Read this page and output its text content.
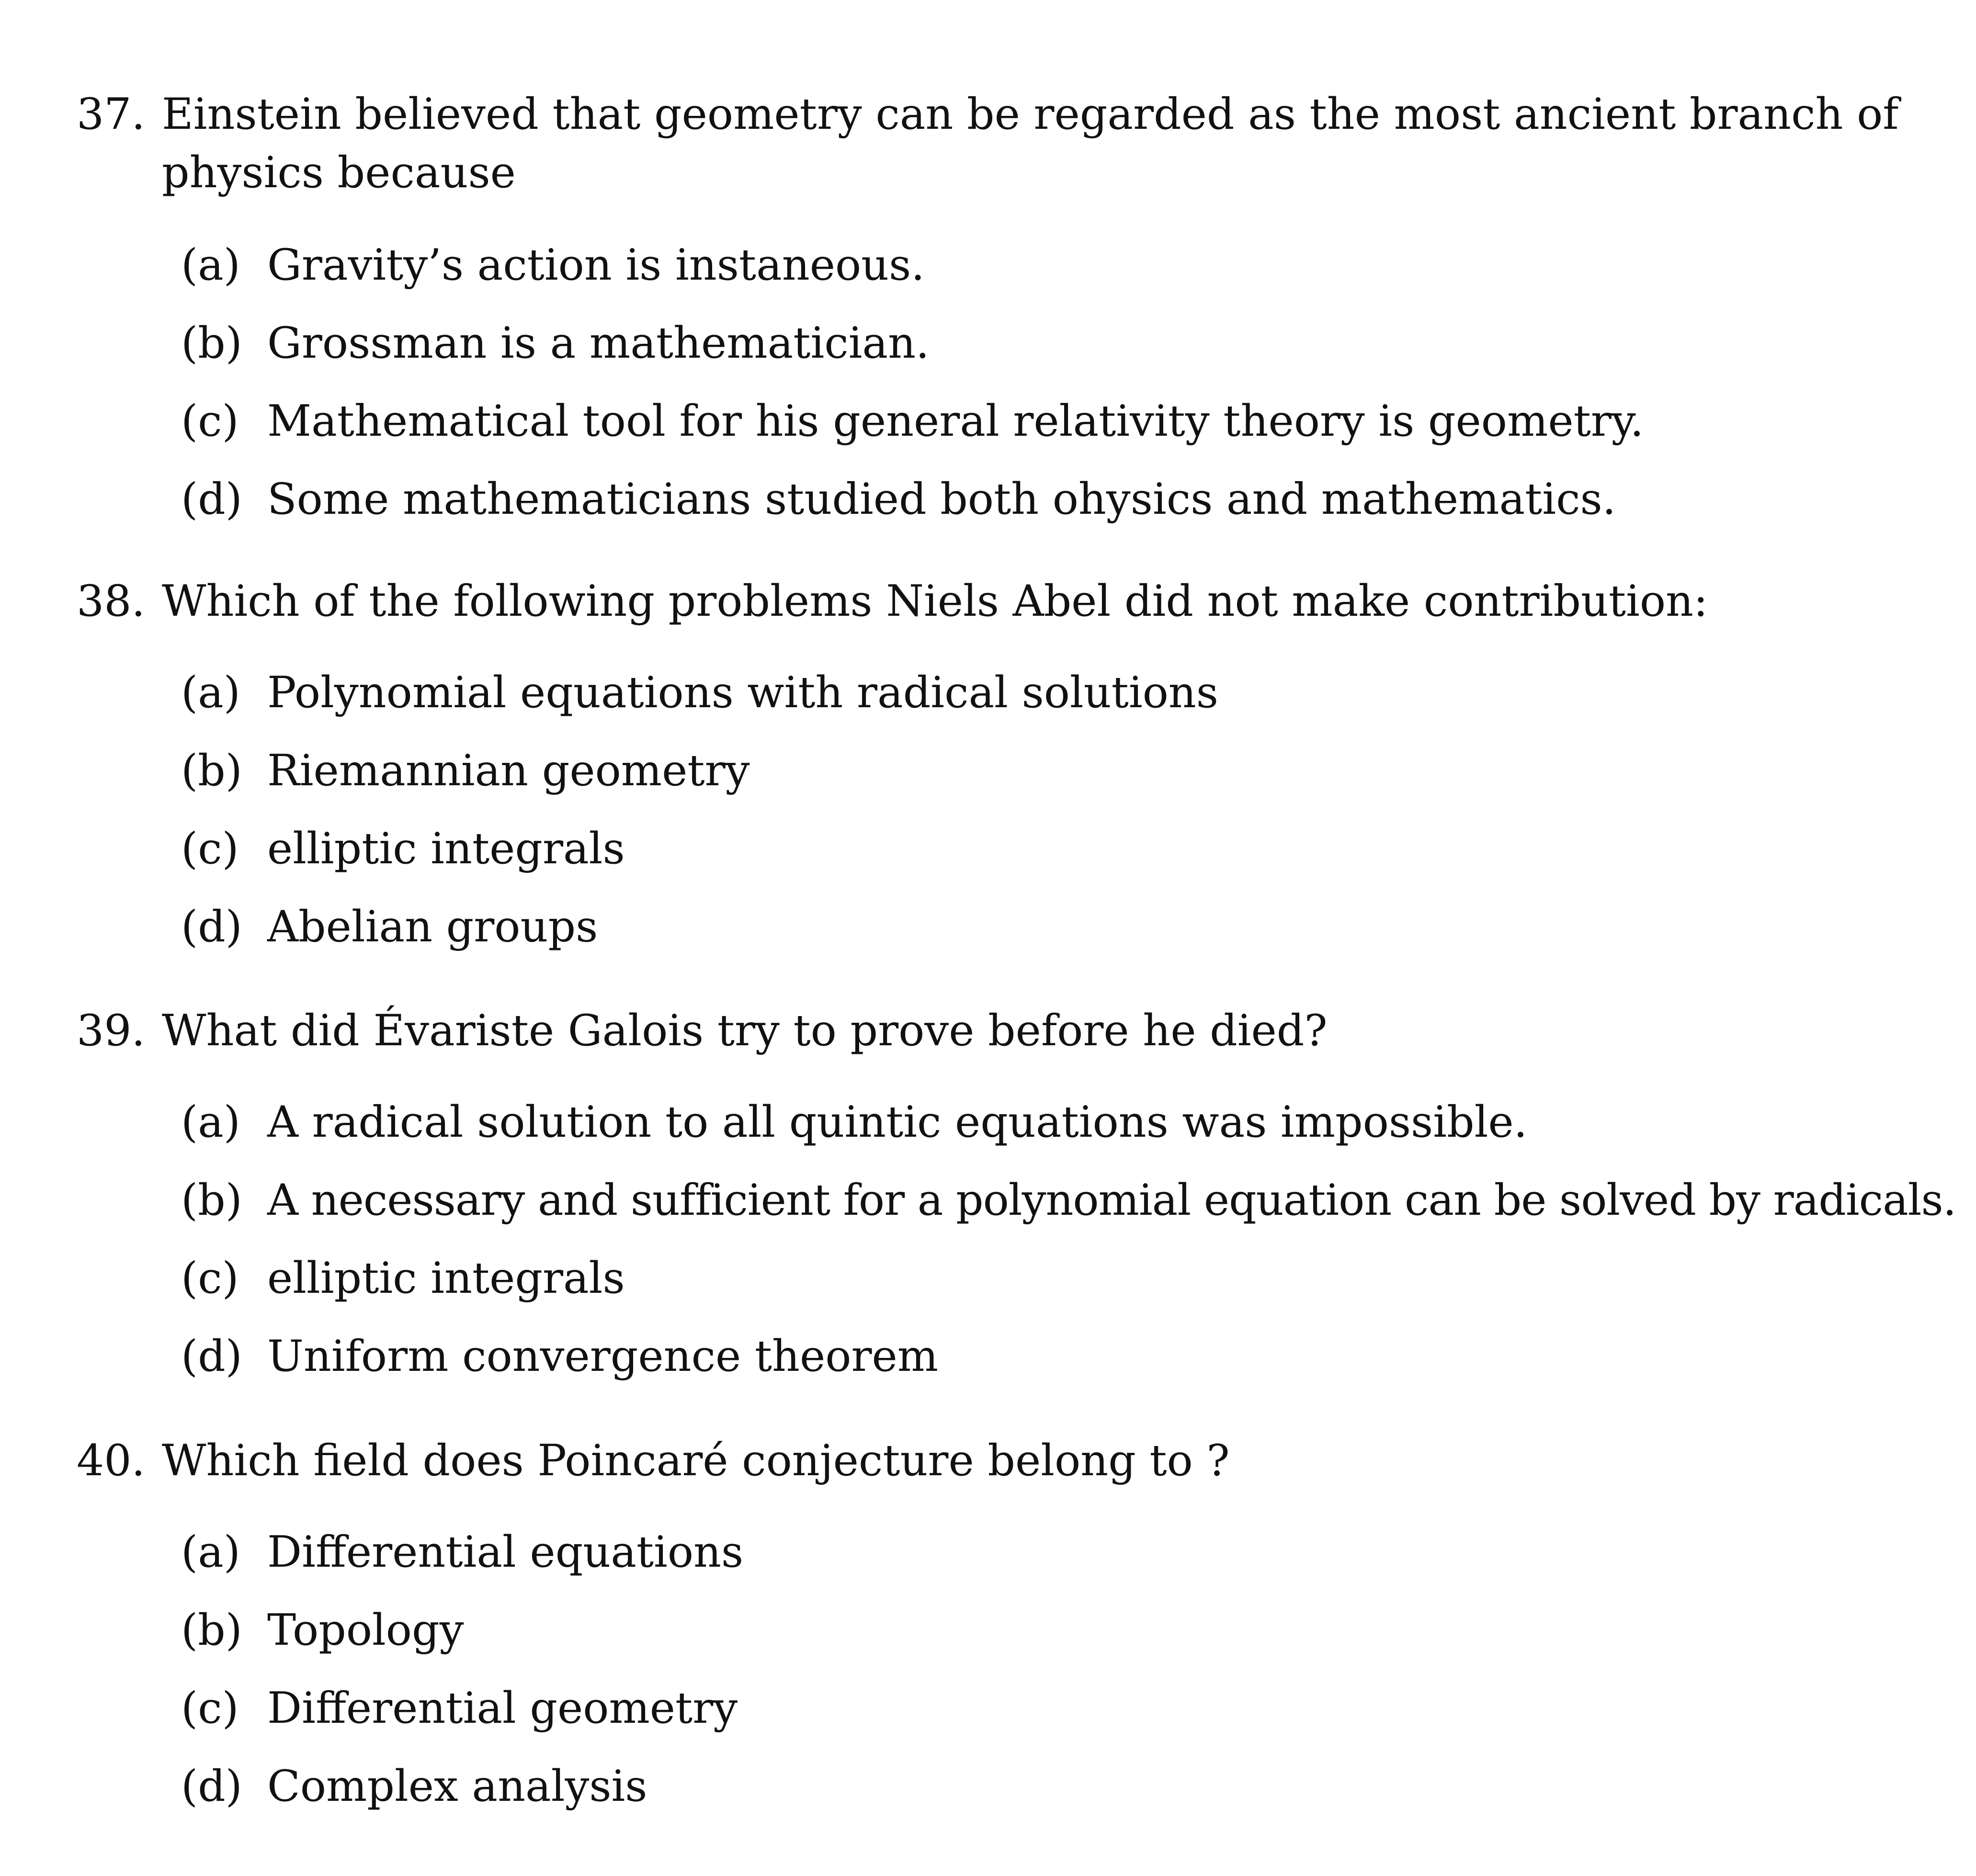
37. Einstein believed that geometry can be regarded as the most ancient branch of physics because
(a) Gravity’s action is instaneous.
(b) Grossman is a mathematician.
(c) Mathematical tool for his general relativity theory is geometry.
(d) Some mathematicians studied both ohysics and mathematics.
38. Which of the following problems Niels Abel did not make contribution:
(a) Polynomial equations with radical solutions
(b) Riemannian geometry
(c) elliptic integrals
(d) Abelian groups
39. What did Évariste Galois try to prove before he died?
(a) A radical solution to all quintic equations was impossible.
(b) A necessary and sufficient for a polynomial equation can be solved by radicals.
(c) elliptic integrals
(d) Uniform convergence theorem
40. Which field does Poincaré conjecture belong to ?
(a) Differential equations
(b) Topology
(c) Differential geometry
(d) Complex analysis
